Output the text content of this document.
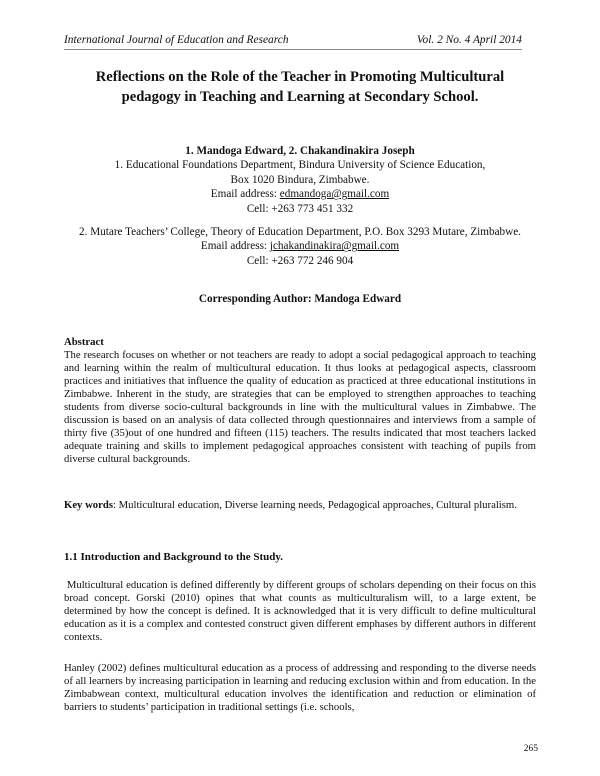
International Journal of Education and Research	Vol. 2 No. 4 April 2014
Reflections on the Role of the Teacher in Promoting Multicultural
pedagogy in Teaching and Learning at Secondary School.
1. Mandoga Edward, 2. Chakandinakira Joseph
1. Educational Foundations Department, Bindura University of Science Education,
Box 1020 Bindura, Zimbabwe.
Email address: edmandoga@gmail.com
Cell: +263 773 451 332
2. Mutare Teachers’ College, Theory of Education Department, P.O. Box 3293 Mutare, Zimbabwe.
Email address: jchakandinakira@gmail.com
Cell: +263 772 246 904
Corresponding Author: Mandoga Edward
Abstract
The research focuses on whether or not teachers are ready to adopt a social pedagogical approach to teaching and learning within the realm of multicultural education. It thus looks at pedagogical aspects, classroom practices and initiatives that influence the quality of education as practiced at three educational institutions in Zimbabwe. Inherent in the study, are strategies that can be employed to strengthen approaches to teaching students from diverse socio-cultural backgrounds in line with the multicultural values in Zimbabwe. The discussion is based on an analysis of data collected through questionnaires and interviews from a sample of thirty five (35)out of one hundred and fifteen (115) teachers. The results indicated that most teachers lacked adequate training and skills to implement pedagogical approaches consistent with teaching of pupils from diverse cultural backgrounds.
Key words: Multicultural education, Diverse learning needs, Pedagogical approaches, Cultural pluralism.
1.1 Introduction and Background to the Study.
Multicultural education is defined differently by different groups of scholars depending on their focus on this broad concept. Gorski (2010) opines that what counts as multiculturalism will, to a large extent, be determined by how the concept is defined. It is acknowledged that it is very difficult to define multicultural education as it is a complex and contested construct given different emphases by different authors in different contexts.
Hanley (2002) defines multicultural education as a process of addressing and responding to the diverse needs of all learners by increasing participation in learning and reducing exclusion within and from education. In the Zimbabwean context, multicultural education involves the identification and reduction or elimination of barriers to students’ participation in traditional settings (i.e. schools,
265
